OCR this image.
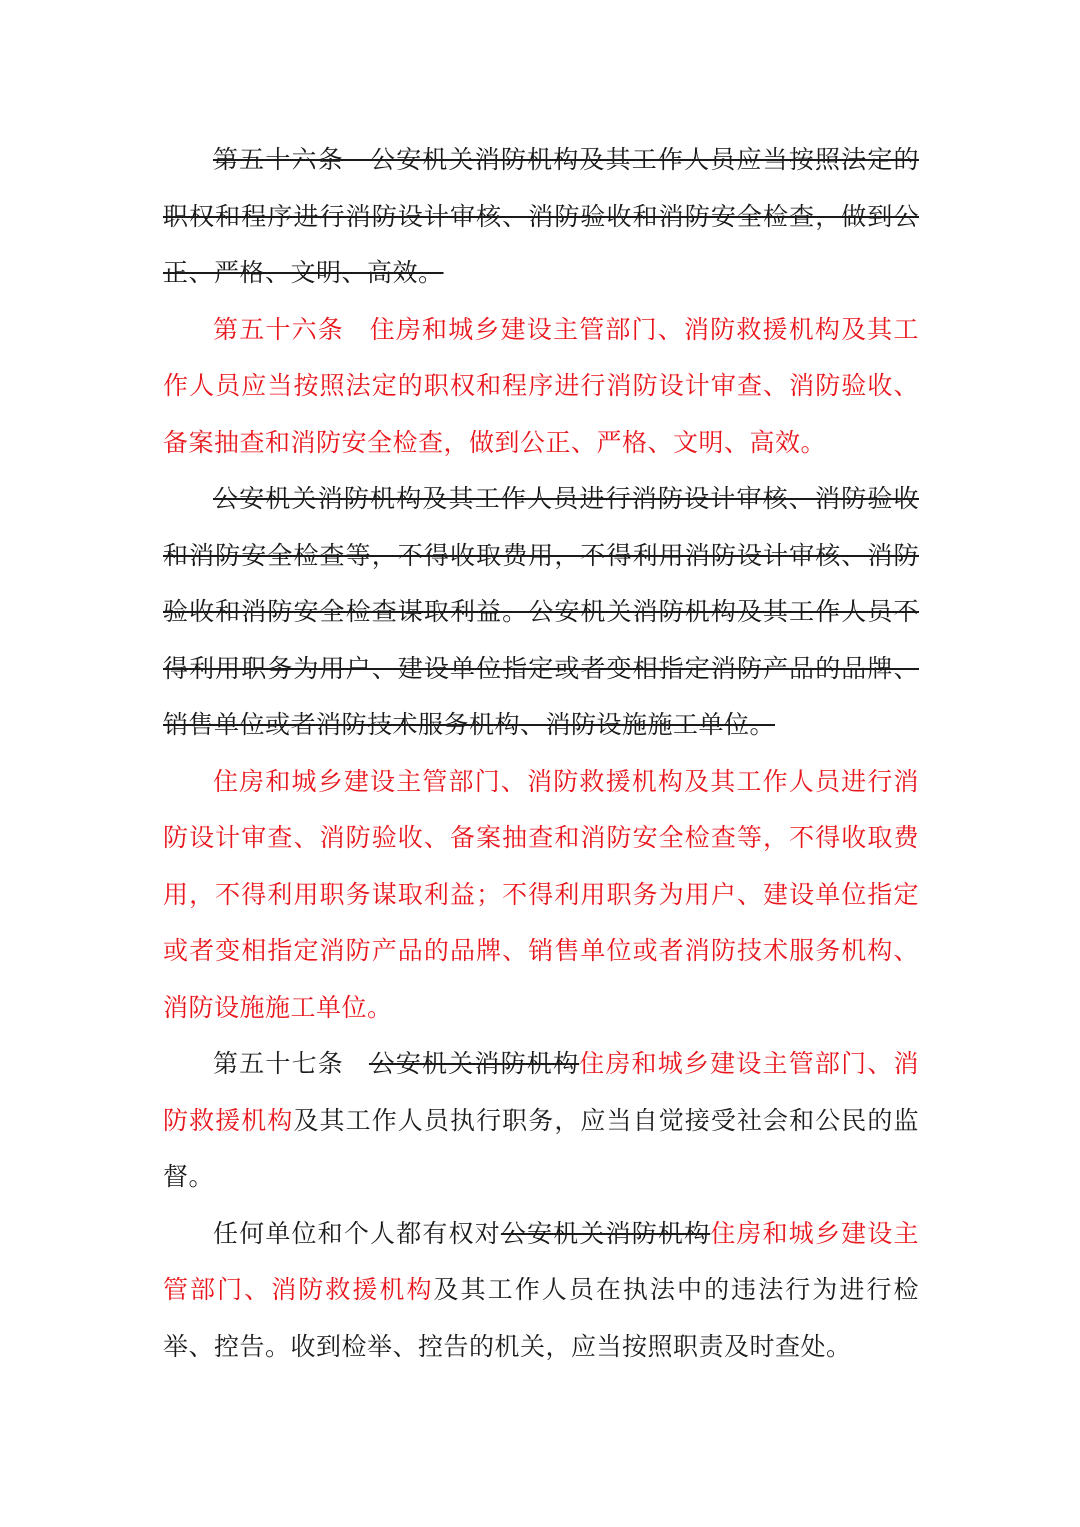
第五十六条　公安机关消防机构及其工作人员应当按照法定的职权和程序进行消防设计审核、消防验收和消防安全检查，做到公正、严格、文明、高效。

第五十六条 住房和城乡建设主管部门、消防救援机构及其工作人员应当按照法定的职权和程序进行消防设计审查、消防验收、备案抽查和消防安全检查，做到公正、严格、文明、高效。

公安机关消防机构及其工作人员进行消防设计审核、消防验收和消防安全检查等，不得收取费用，不得利用消防设计审核、消防验收和消防安全检查谋取利益。公安机关消防机构及其工作人员不得利用职务为用户、建设单位指定或者变相指定消防产品的品牌、销售单位或者消防技术服务机构、消防设施施工单位。

住房和城乡建设主管部门、消防救援机构及其工作人员进行消防设计审查、消防验收、备案抽查和消防安全检查等，不得收取费用，不得利用职务谋取利益；不得利用职务为用户、建设单位指定或者变相指定消防产品的品牌、销售单位或者消防技术服务机构、消防设施施工单位。

第五十七条 公安机关消防机构住房和城乡建设主管部门、消防救援机构及其工作人员执行职务，应当自觉接受社会和公民的监督。

任何单位和个人都有权对公安机关消防机构住房和城乡建设主管部门、消防救援机构及其工作人员在执法中的违法行为进行检举、控告。收到检举、控告的机关，应当按照职责及时查处。
